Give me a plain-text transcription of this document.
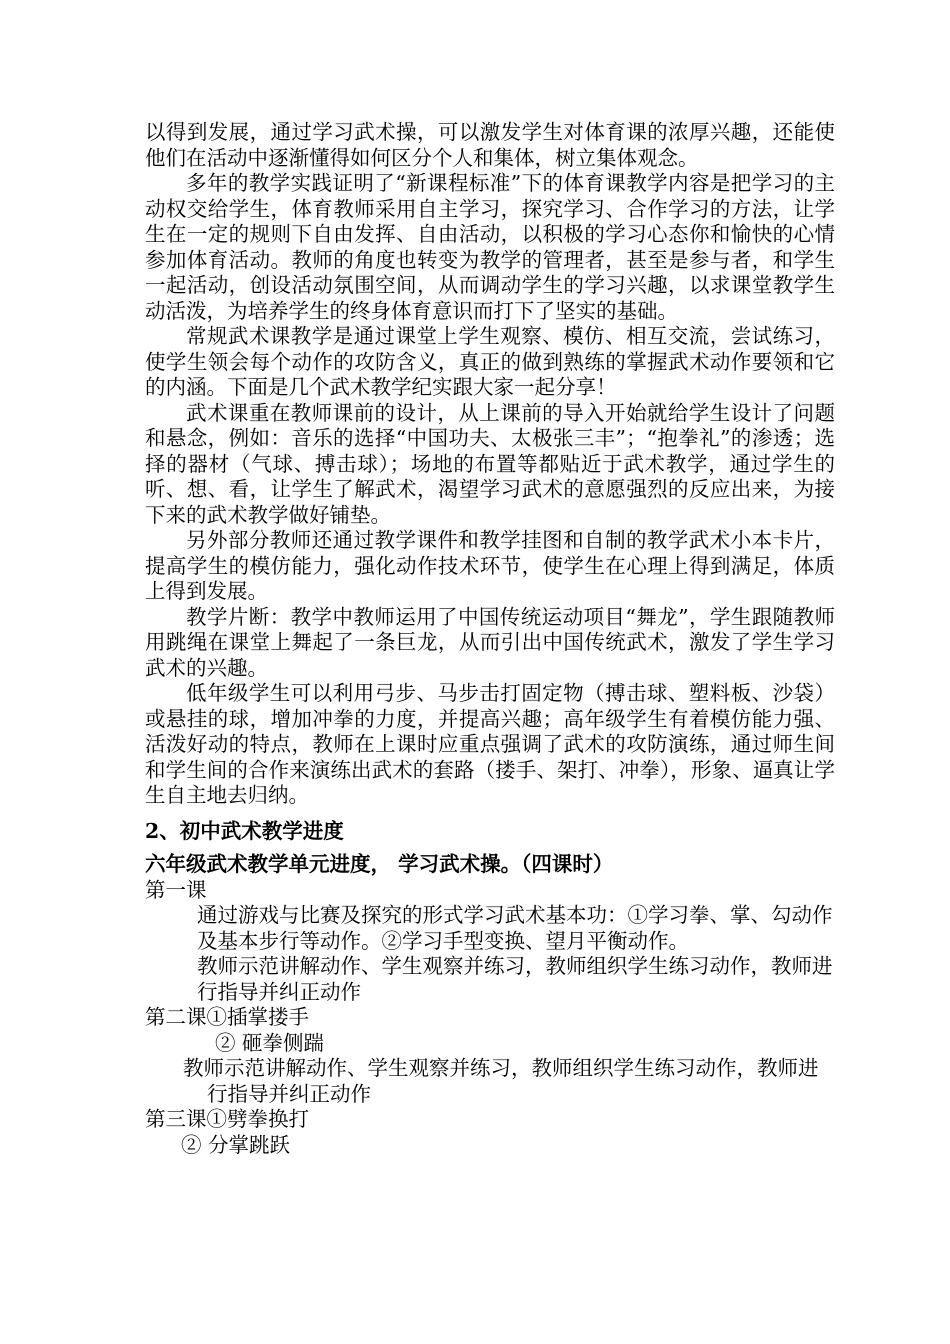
以得到发展，通过学习武术操，可以激发学生对体育课的浓厚兴趣，还能使他们在活动中逐渐懂得如何区分个人和集体，树立集体观念。

多年的教学实践证明了“新课程标准”下的体育课教学内容是把学习的主动权交给学生，体育教师采用自主学习，探究学习、合作学习的方法，让学生在一定的规则下自由发挥、自由活动，以积极的学习心态你和愉快的心情参加体育活动。教师的角度也转变为教学的管理者，甚至是参与者，和学生一起活动，创设活动氛围空间，从而调动学生的学习兴趣，以求课堂教学生动活泼，为培养学生的终身体育意识而打下了坚实的基础。

常规武术课教学是通过课堂上学生观察、模仿、相互交流，尝试练习，使学生领会每个动作的攻防含义，真正的做到熟练的掌握武术动作要领和它的内涵。下面是几个武术教学纪实跟大家一起分享！

武术课重在教师课前的设计，从上课前的导入开始就给学生设计了问题和悬念，例如：音乐的选择“中国功夫、太极张三丰”；“抱拳礼”的渗透；选择的器材（气球、搏击球）；场地的布置等都贴近于武术教学，通过学生的听、想、看，让学生了解武术，渴望学习武术的意愿强烈的反应出来，为接下来的武术教学做好铺垫。

另外部分教师还通过教学课件和教学挂图和自制的教学武术小本卡片，提高学生的模仿能力，强化动作技术环节，使学生在心理上得到满足，体质上得到发展。

教学片断：教学中教师运用了中国传统运动项目“舞龙”，学生跟随教师用跳绳在课堂上舞起了一条巨龙，从而引出中国传统武术，激发了学生学习武术的兴趣。

低年级学生可以利用弓步、马步击打固定物（搏击球、塑料板、沙袋）或悬挂的球，增加冲拳的力度，并提高兴趣；高年级学生有着模仿能力强、活泼好动的特点，教师在上课时应重点强调了武术的攻防演练，通过师生间和学生间的合作来演练出武术的套路（搂手、架打、冲拳），形象、逼真让学生自主地去归纳。

2、初中武术教学进度

六年级武术教学单元进度， 学习武术操。（四课时）

第一课

通过游戏与比赛及探究的形式学习武术基本功：①学习拳、掌、勾动作及基本步行等动作。②学习手型变换、望月平衡动作。

教师示范讲解动作、学生观察并练习，教师组织学生练习动作，教师进行指导并纠正动作

第二课①插掌搂手

② 砸拳侧踹

教师示范讲解动作、学生观察并练习，教师组织学生练习动作，教师进行指导并纠正动作

第三课①劈拳换打

② 分掌跳跃
